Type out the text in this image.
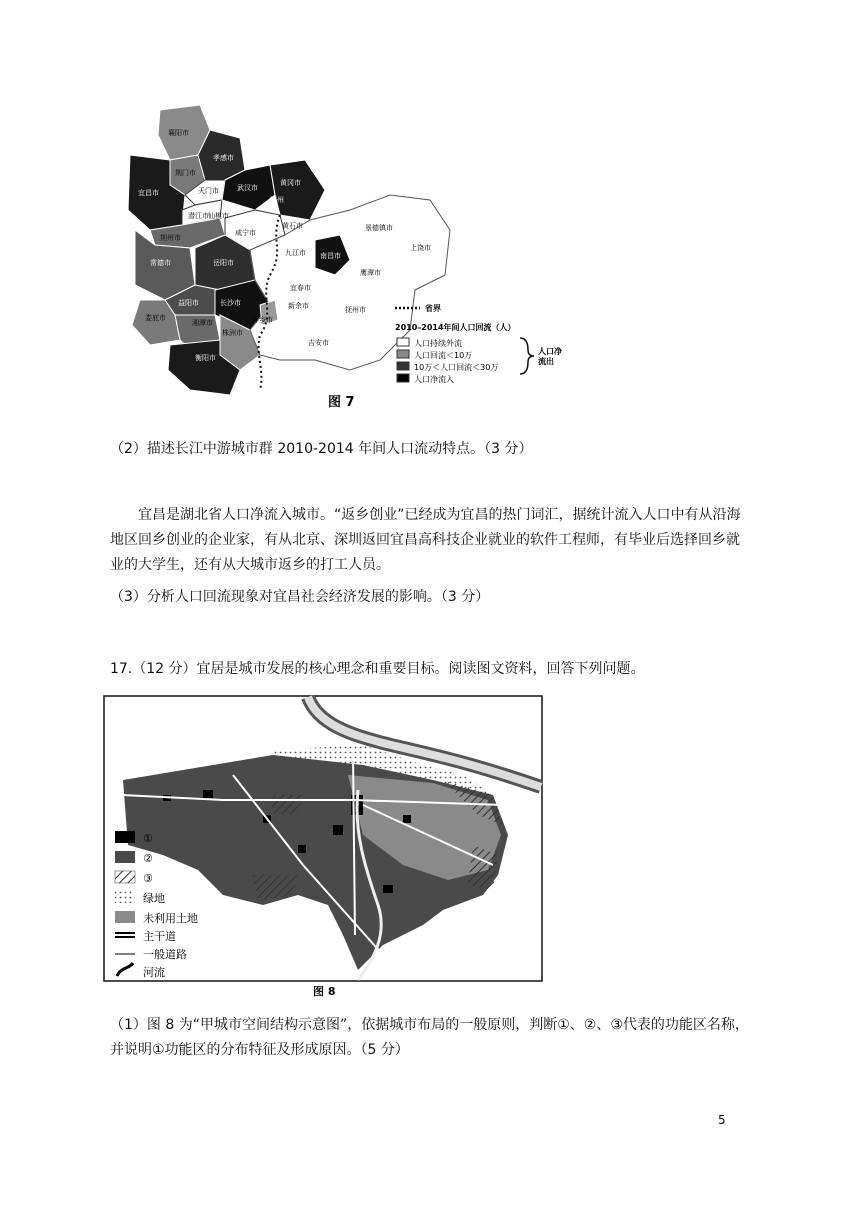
襄阳市
荆门市
孝感市
宜昌市	天门市	武汉市
黄冈市
鄂州
潜江市 仙桃市
荆州市
黄石市
咸宁市
九江市
景德镇市
上饶市
常德市
益阳市
岳阳市
南昌市
鹰潭市
宜春市
长沙市	新余市	抚州市
娄底市
湘潭市	萍乡市
株洲市
吉安市
衡阳市
省界
2010–2014年间人口回流（人）
人口持续外流
人口回流＜10万
10万＜人口回流＜30万
人口净流入
人口净
流出
图 7
（2）描述长江中游城市群 2010-2014 年间人口流动特点。（3 分）
宜昌是湖北省人口净流入城市。“返乡创业”已经成为宜昌的热门词汇，据统计流入人口中有从沿海地区回乡创业的企业家，有从北京、深圳返回宜昌高科技企业就业的软件工程师，有毕业后选择回乡就业的大学生，还有从大城市返乡的打工人员。
（3）分析人口回流现象对宜昌社会经济发展的影响。（3 分）
17.（12 分）宜居是城市发展的核心理念和重要目标。阅读图文资料，回答下列问题。
①
②
③
绿地
未利用土地
主干道
一般道路
河流
图 8
（1）图 8 为“甲城市空间结构示意图”，依据城市布局的一般原则，判断①、②、③代表的功能区名称，并说明①功能区的分布特征及形成原因。（5 分）
5
